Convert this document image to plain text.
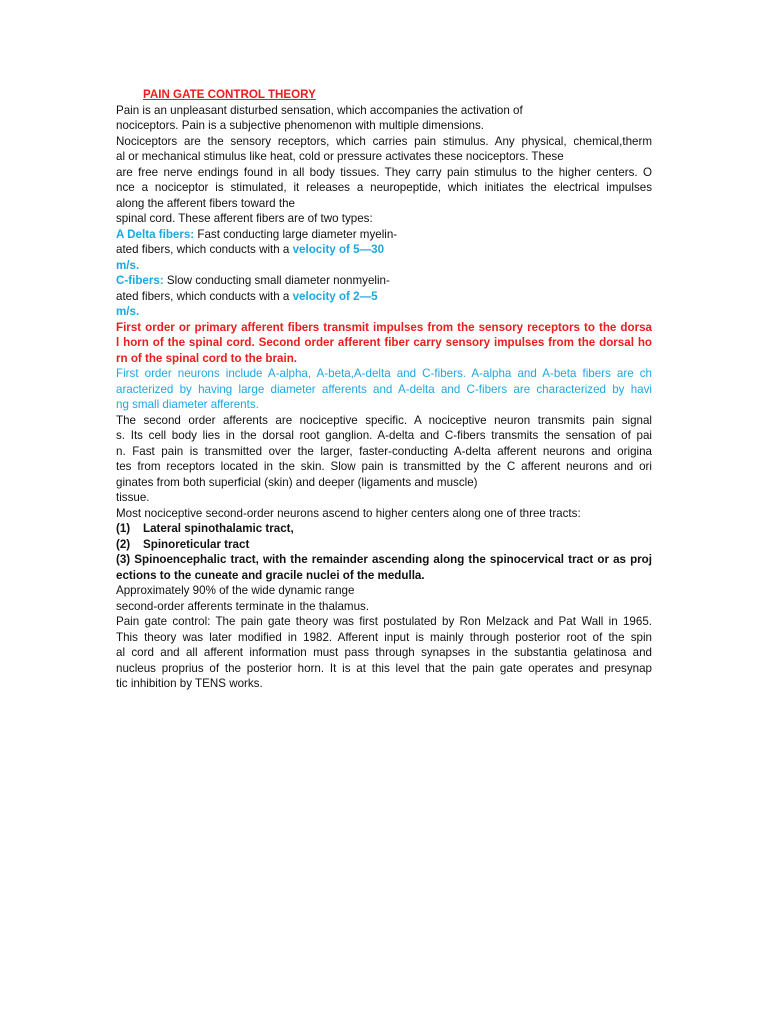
PAIN GATE CONTROL THEORY
Pain is an unpleasant disturbed sensation, which accompanies the activation of
nociceptors. Pain is a subjective phenomenon with multiple dimensions.
Nociceptors are the sensory receptors, which carries pain stimulus. Any physical, chemical,therm
al or mechanical stimulus like heat, cold or pressure activates these nociceptors. These
are free nerve endings found in all body tissues. They carry pain stimulus to the higher centers. O
nce a nociceptor is stimulated, it releases a neuropeptide, which initiates the electrical impulses
along the afferent fibers toward the
spinal cord. These afferent fibers are of two types:
A Delta fibers: Fast conducting large diameter myelin-
ated fibers, which conducts with a velocity of 5—30
m/s.
C-fibers: Slow conducting small diameter nonmyelin-
ated fibers, which conducts with a velocity of 2—5
m/s.
First order or primary afferent fibers transmit impulses from the sensory receptors to the dorsa
l horn of the spinal cord. Second order afferent fiber carry sensory impulses from the dorsal ho
rn of the spinal cord to the brain.
First order neurons include A-alpha, A-beta,A-delta and C-fibers. A-alpha and A-beta fibers are ch
aracterized by having large diameter afferents and A-delta and C-fibers are characterized by havi
ng small diameter afferents.
The second order afferents are nociceptive specific. A nociceptive neuron transmits pain signal
s. Its cell body lies in the dorsal root ganglion. A-delta and C-fibers transmits the sensation of pai
n. Fast pain is transmitted over the larger, faster-conducting A-delta afferent neurons and origina
tes from receptors located in the skin. Slow pain is transmitted by the C afferent neurons and ori
ginates from both superficial (skin) and deeper (ligaments and muscle)
tissue.
Most nociceptive second-order neurons ascend to higher centers along one of three tracts:
(1) Lateral spinothalamic tract,
(2) Spinoreticular tract
(3) Spinoencephalic tract, with the remainder ascending along the spinocervical tract or as proj
ections to the cuneate and gracile nuclei of the medulla.
Approximately 90% of the wide dynamic range
second-order afferents terminate in the thalamus.
Pain gate control: The pain gate theory was first postulated by Ron Melzack and Pat Wall in 1965.
This theory was later modified in 1982. Afferent input is mainly through posterior root of the spin
al cord and all afferent information must pass through synapses in the substantia gelatinosa and
nucleus proprius of the posterior horn. It is at this level that the pain gate operates and presynap
tic inhibition by TENS works.
